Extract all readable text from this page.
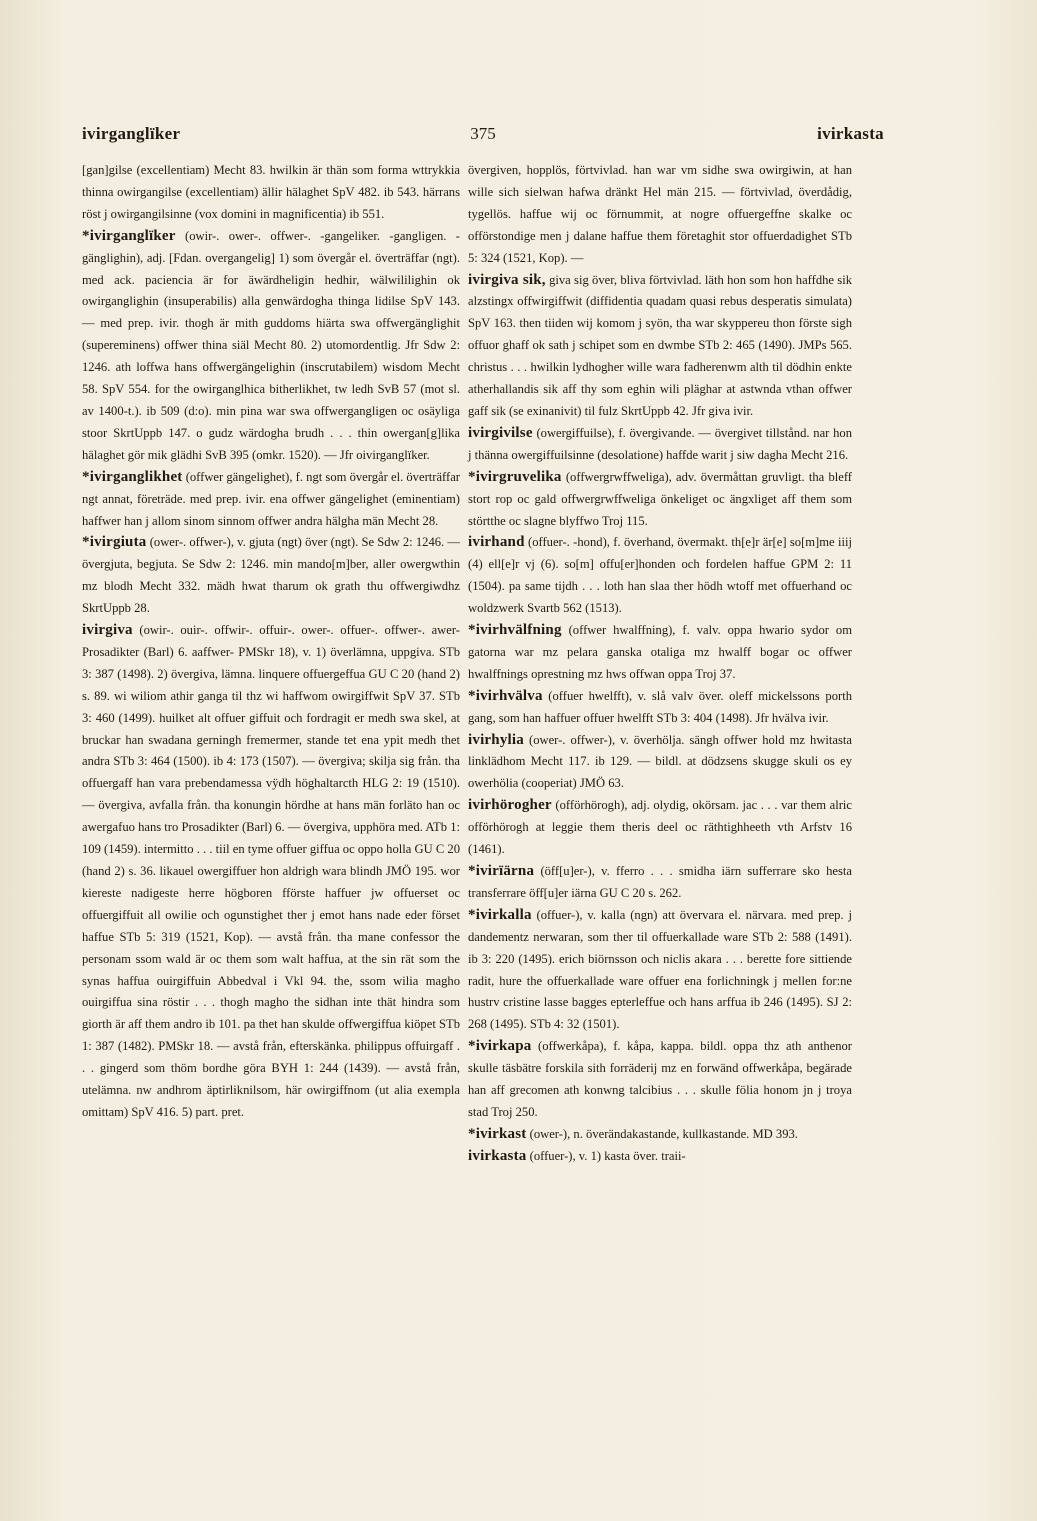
ivirganglïker	375	ivirkasta

[gan]gilse (excellentiam) Mecht 83. hwilkin är thän som forma wttrykkia thinna owirgangilse (excellentiam) ällir hälaghet SpV 482. ib 543. härrans röst j owirgangilsinne (vox domini in magnificentia) ib 551.

*ivirganglïker (owir-. ower-. offwer-. -gangeliker. -gangligen. -gänglighin), adj. [Fdan. overgangelig] 1) som övergår el. överträffar (ngt). med ack. paciencia är for äwärdheligin hedhir, wälwililighin ok owirganglighin (insuperabilis) alla genwärdogha thinga lidilse SpV 143. — med prep. ivir. thogh är mith guddoms hiärta swa offwergänglighit (supereminens) offwer thina siäl Mecht 80. 2) utomordentlig. Jfr Sdw 2: 1246. ath loffwa hans offwergängelighin (inscrutabilem) wisdom Mecht 58. SpV 554. for the owirganglhica bitherlikhet, tw ledh SvB 57 (mot sl. av 1400-t.). ib 509 (d:o). min pina war swa offwergangligen oc osäyliga stoor SkrtUppb 147. o gudz wärdogha brudh . . . thin owergan[g]lika hälaghet gör mik glädhi SvB 395 (omkr. 1520). — Jfr oivirganglïker.

*ivirganglikhet (offwer gängelighet), f. ngt som övergår el. överträffar ngt annat, företräde. med prep. ivir. ena offwer gängelighet (eminentiam) haffwer han j allom sinom sinnom offwer andra hälgha män Mecht 28.

*ivirgiuta (ower-. offwer-), v. gjuta (ngt) över (ngt). Se Sdw 2: 1246. — övergjuta, begjuta. Se Sdw 2: 1246. min mando[m]ber, aller owergwthin mz blodh Mecht 332. mädh hwat tharum ok grath thu offwergiwdhz SkrtUppb 28.

ivirgiva (owir-. ouir-. offwir-. offuir-. ower-. offuer-. offwer-. awer- Prosadikter (Barl) 6. aaffwer- PMSkr 18), v. 1) överlämna, uppgiva. STb 3: 387 (1498). 2) övergiva, lämna. linquere offuergeffua GU C 20 (hand 2) s. 89. wi wiliom athir ganga til thz wi haffwom owirgiffwit SpV 37. STb 3: 460 (1499). huilket alt offuer giffuit och fordragit er medh swa skel, at bruckar han swadana gerningh fremermer, stande tet ena ypit medh thet andra STb 3: 464 (1500). ib 4: 173 (1507). — övergiva; skilja sig från. tha offuergaff han vara prebendamessa vÿdh höghaltarcth HLG 2: 19 (1510). — övergiva, avfalla från. tha konungin hördhe at hans män forläto han oc awergafuo hans tro Prosadikter (Barl) 6. — övergiva, upphöra med. ATb 1: 109 (1459). intermitto . . . tiil en tyme offuer giffua oc oppo holla GU C 20 (hand 2) s. 36. likauel owergiffuer hon aldrigh wara blindh JMÖ 195. wor kiereste nadigeste herre högboren fförste haffuer jw offuerset oc offuergiffuit all owilie och ogunstighet ther j emot hans nade eder förset haffue STb 5: 319 (1521, Kop). — avstå från. tha mane confessor the personam ssom wald är oc them som walt haffua, at the sin rät som the synas haffua ouirgiffuin Abbedval i Vkl 94. the, ssom wilia magho ouirgiffua sina röstir . . . thogh magho the sidhan inte thät hindra som giorth är aff them andro ib 101. pa thet han skulde offwergiffua kiöpet STb 1: 387 (1482). PMSkr 18. — avstå från, efterskänka. philippus offuirgaff . . . gingerd som thöm bordhe göra BYH 1: 244 (1439). — avstå från, utelämna. nw andhrom äptirliknilsom, här owirgiffnom (ut alia exempla omittam) SpV 416. 5) part. pret.

övergiven, hopplös, förtvivlad. han war vm sidhe swa owirgiwin, at han wille sich sielwan hafwa dränkt Hel män 215. — förtvivlad, överdådig, tygellös. haffue wij oc förnummit, at nogre offuergeffne skalke oc offörstondige men j dalane haffue them företaghit stor offuerdadighet STb 5: 324 (1521, Kop). —

ivirgiva sik, giva sig över, bliva förtvivlad. läth hon som hon haffdhe sik alzstingx offwirgiffwit (diffidentia quadam quasi rebus desperatis simulata) SpV 163. then tiiden wij komom j syön, tha war skyppereu thon förste sigh offuor ghaff ok sath j schipet som en dwmbe STb 2: 465 (1490). JMPs 565. christus . . . hwilkin lydhogher wille wara fadherenwm alth til dödhin enkte atherhallandis sik aff thy som eghin wili pläghar at astwnda vthan offwer gaff sik (se exinanivit) til fulz SkrtUppb 42. Jfr giva ivir.

ivirgivilse (owergiffuilse), f. övergivande. — övergivet tillstånd. nar hon j thänna owergiffuilsinne (desolatione) haffde warit j siw dagha Mecht 216.

*ivirgruvelika (offwergrwffweliga), adv. övermåttan gruvligt. tha bleff stort rop oc gald offwergrwffweliga önkeliget oc ängxliget aff them som störtthe oc slagne blyffwo Troj 115.

ivirhand (offuer-. -hond), f. överhand, övermakt. th[e]r är[e] so[m]me iiij (4) ell[e]r vj (6). so[m] offu[er]honden och fordelen haffue GPM 2: 11 (1504). pa same tijdh . . . loth han slaa ther hödh wtoff met offuerhand oc woldzwerk Svartb 562 (1513).

*ivirhvälfning (offwer hwalffning), f. valv. oppa hwario sydor om gatorna war mz pelara ganska otaliga mz hwalff bogar oc offwer hwalffnings oprestning mz hws offwan oppa Troj 37.

*ivirhvälva (offuer hwelfft), v. slå valv över. oleff mickelssons porth gang, som han haffuer offuer hwelfft STb 3: 404 (1498). Jfr hvälva ivir.

ivirhylia (ower-. offwer-), v. överhölja. sängh offwer hold mz hwitasta linklädhom Mecht 117. ib 129. — bildl. at dödzsens skugge skuli os ey owerhölia (cooperiat) JMÖ 63.

ivirhörogher (offörhörogh), adj. olydig, okörsam. jac . . . var them alric offörhörogh at leggie them theris deel oc räthtighheeth vth Arfstv 16 (1461).

*ivirïärna (öff[u]er-), v. fferro . . . smidha iärn sufferrare sko hesta transferrare öff[u]er iärna GU C 20 s. 262.

*ivirkalla (offuer-), v. kalla (ngn) att övervara el. närvara. med prep. j dandementz nerwaran, som ther til offuerkallade ware STb 2: 588 (1491). ib 3: 220 (1495). erich biörnsson och niclis akara . . . berette fore sittiende radit, hure the offuerkallade ware offuer ena forlichningk j mellen for:ne hustrv cristine lasse bagges epterleffue och hans arffua ib 246 (1495). SJ 2: 268 (1495). STb 4: 32 (1501).

*ivirkapa (offwerkåpa), f. kåpa, kappa. bildl. oppa thz ath anthenor skulle täsbätre forskila sith forräderij mz en forwänd offwerkåpa, begärade han aff grecomen ath konwng talcibius . . . skulle fölia honom jn j troya stad Troj 250.

*ivirkast (ower-), n. överändakastande, kullkastande. MD 393.

ivirkasta (offuer-), v. 1) kasta över. traii-
